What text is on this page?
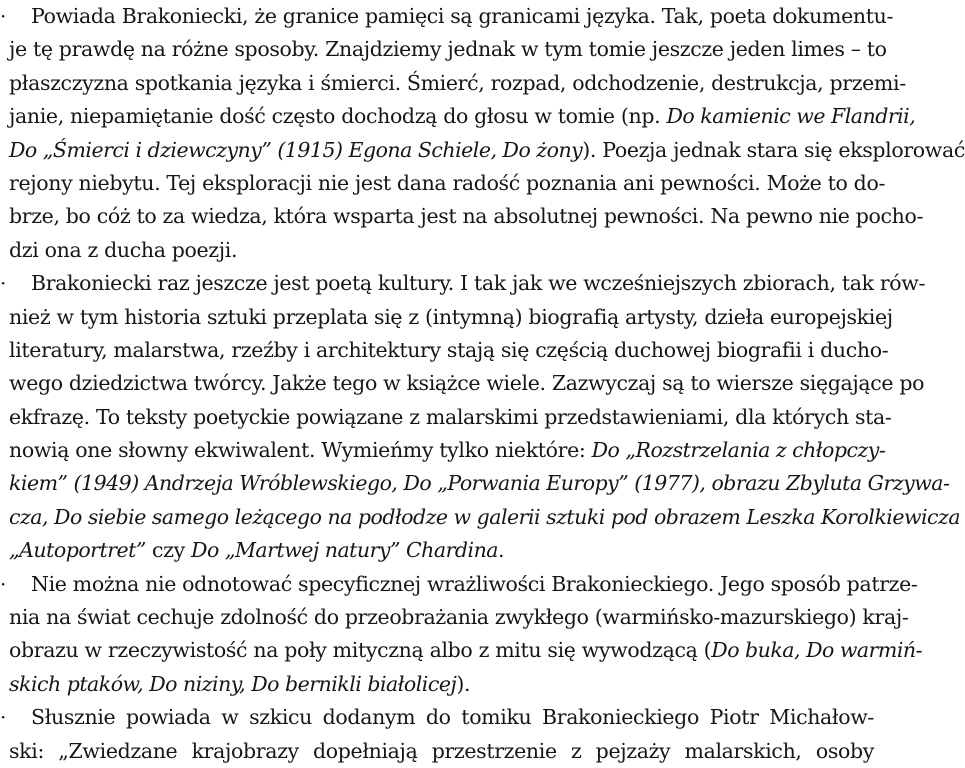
·	Powiada Brakoniecki, że granice pamięci są granicami języka. Tak, poeta dokumentu-
je tę prawdę na różne sposoby. Znajdziemy jednak w tym tomie jeszcze jeden limes – to
płaszczyzna spotkania języka i śmierci. Śmierć, rozpad, odchodzenie, destrukcja, przemi-
janie, niepamiętanie dość często dochodzą do głosu w tomie (np. Do kamienic we Flandrii,
Do „Śmierci i dziewczyny” (1915) Egona Schiele, Do żony). Poezja jednak stara się eksplorować
rejony niebytu. Tej eksploracji nie jest dana radość poznania ani pewności. Może to do-
brze, bo cóż to za wiedza, która wsparta jest na absolutnej pewności. Na pewno nie pocho-
dzi ona z ducha poezji.
·	Brakoniecki raz jeszcze jest poetą kultury. I tak jak we wcześniejszych zbiorach, tak rów-
nież w tym historia sztuki przeplata się z (intymną) biografią artysty, dzieła europejskiej
literatury, malarstwa, rzeźby i architektury stają się częścią duchowej biografii i ducho-
wego dziedzictwa twórcy. Jakże tego w książce wiele. Zazwyczaj są to wiersze sięgające po
ekfrazę. To teksty poetyckie powiązane z malarskimi przedstawieniami, dla których sta-
nowią one słowny ekwiwalent. Wymieńmy tylko niektóre: Do „Rozstrzelania z chłopczy-
kiem” (1949) Andrzeja Wróblewskiego, Do „Porwania Europy” (1977), obrazu Zbyluta Grzywa-
cza, Do siebie samego leżącego na podłodze w galerii sztuki pod obrazem Leszka Korolkiewicza
„Autoportret” czy Do „Martwej natury” Chardina.
·	Nie można nie odnotować specyficznej wrażliwości Brakonieckiego. Jego sposób patrze-
nia na świat cechuje zdolność do przeobrażania zwykłego (warmińsko-mazurskiego) kraj-
obrazu w rzeczywistość na poły mityczną albo z mitu się wywodzącą (Do buka, Do warmiń-
skich ptaków, Do niziny, Do bernikli białolicej).
·	Słusznie powiada w szkicu dodanym do tomiku Brakonieckiego Piotr Michałow-
ski: „Zwiedzane krajobrazy dopełniają przestrzenie z pejzaży malarskich, osoby
